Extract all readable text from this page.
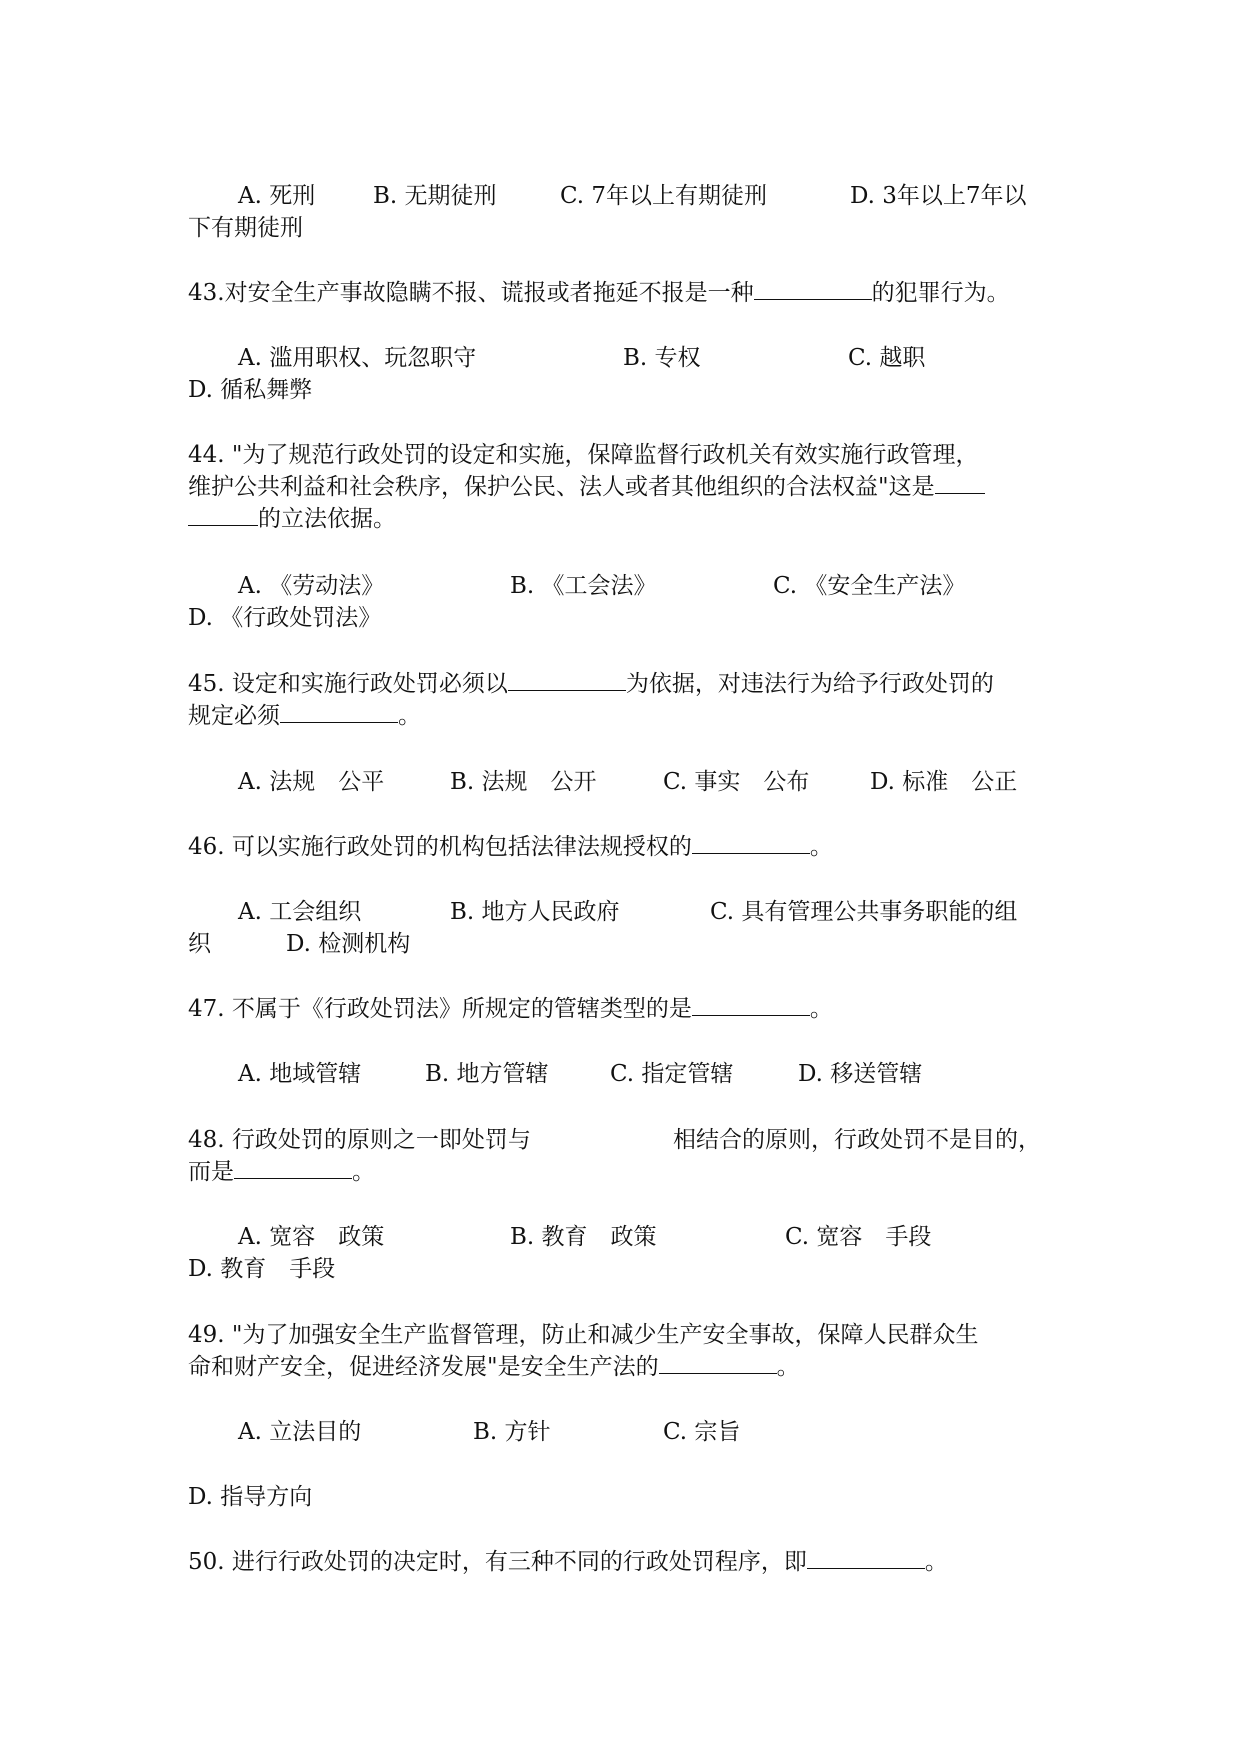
A. 死刑

	B. 无期徒刑

	C. 7年以上有期徒刑

	D. 3年以上7年以

下有期徒刑
43.对安全生产事故隐瞒不报、谎报或者拖延不报是一种	的犯罪行为。

A. 滥用职权、玩忽职守

	B. 专权

	C. 越职

D. 循私舞弊
44. "为了规范行政处罚的设定和实施，保障监督行政机关有效实施行政管理，
维护公共利益和社会秩序，保护公民、法人或者其他组织的合法权益"这是
的立法依据。

A. 《劳动法》

	B. 《工会法》

	C. 《安全生产法》

D. 《行政处罚法》
45. 设定和实施行政处罚必须以	为依据，对违法行为给予行政处罚的
规定必须	。

A. 法规　公平

	B. 法规　公开

	C. 事实　公布

	D. 标准　公正

46. 可以实施行政处罚的机构包括法律法规授权的	。

A. 工会组织

	B. 地方人民政府

	C. 具有管理公共事务职能的组

织

	D. 检测机构

47. 不属于《行政处罚法》所规定的管辖类型的是	。

A. 地域管辖

	B. 地方管辖

	C. 指定管辖

	D. 移送管辖

48. 行政处罚的原则之一即处罚与

	相结合的原则，行政处罚不是目的，

而是	。

A. 宽容　政策

	B. 教育　政策

	C. 宽容　手段

D. 教育　手段
49. "为了加强安全生产监督管理，防止和减少生产安全事故，保障人民群众生
命和财产安全，促进经济发展"是安全生产法的	。

A. 立法目的

	B. 方针

	C. 宗旨

D. 指导方向
50. 进行行政处罚的决定时，有三种不同的行政处罚程序，即	。
